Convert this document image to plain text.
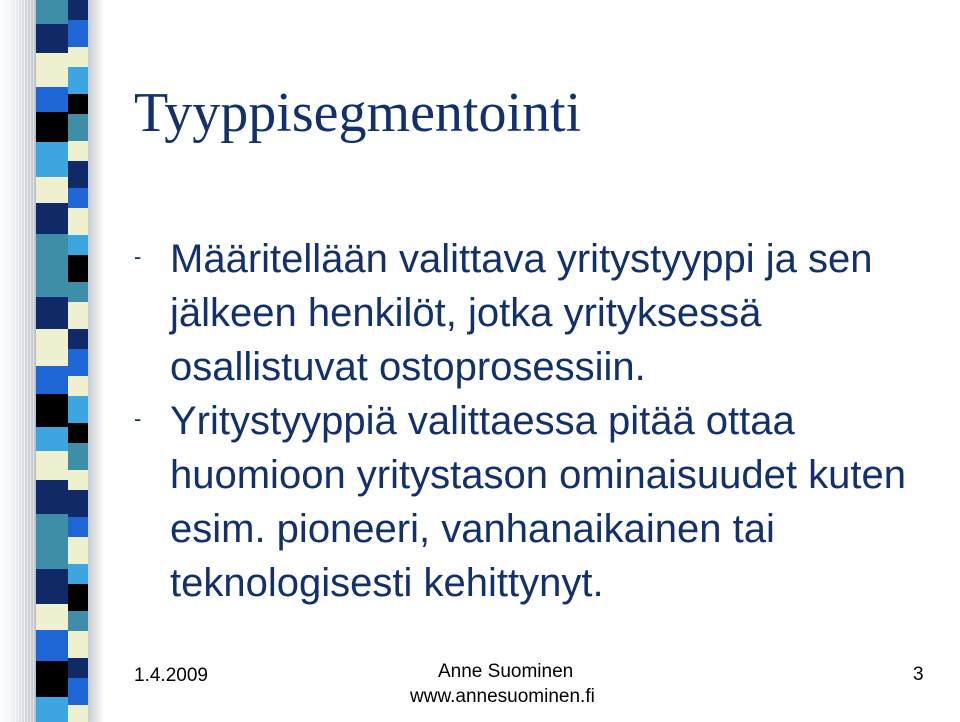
Tyyppisegmentointi
- Määritellään valittava yritystyyppi ja sen jälkeen henkilöt, jotka yrityksessä osallistuvat ostoprosessiin.
- Yritystyyppiä valittaessa pitää ottaa huomioon yritystason ominaisuudet kuten esim. pioneeri, vanhanaikainen tai teknologisesti kehittynyt.
1.4.2009	Anne Suominen
www.annesuominen.fi
3
